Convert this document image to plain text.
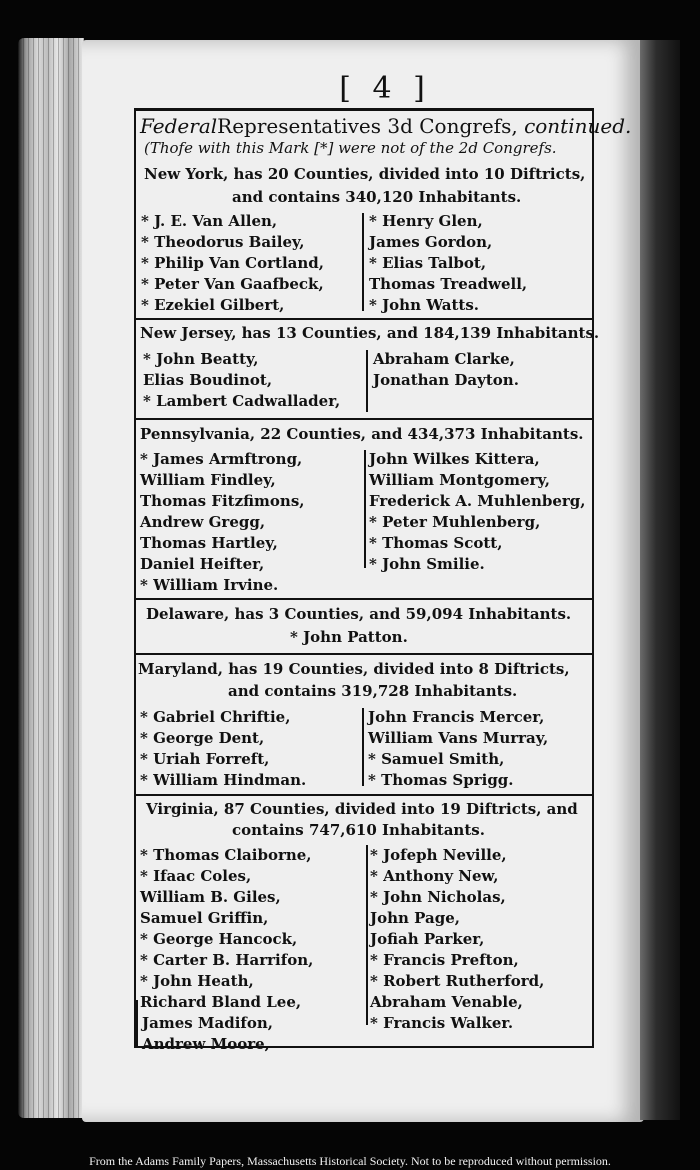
[ 4 ]
FederalRepresentatives 3d Congrefs, continued.
(Thofe with this Mark [*] were not of the 2d Congrefs.
New York, has 20 Counties, divided into 10 Diftricts,
and contains 340,120 Inhabitants.
* J. E. Van Allen,
* Theodorus Bailey,
* Philip Van Cortland,
* Peter Van Gaafbeck,
* Ezekiel Gilbert,
* Henry Glen,
James Gordon,
* Elias Talbot,
Thomas Treadwell,
* John Watts.
New Jersey, has 13 Counties, and 184,139 Inhabitants.
* John Beatty,
Elias Boudinot,
* Lambert Cadwallader,
Abraham Clarke,
Jonathan Dayton.
Pennsylvania, 22 Counties, and 434,373 Inhabitants.
* James Armftrong,
William Findley,
Thomas Fitzfimons,
Andrew Gregg,
Thomas Hartley,
Daniel Heifter,
* William Irvine.
John Wilkes Kittera,
William Montgomery,
Frederick A. Muhlenberg,
* Peter Muhlenberg,
* Thomas Scott,
* John Smilie.
Delaware, has 3 Counties, and 59,094 Inhabitants.
* John Patton.
Maryland, has 19 Counties, divided into 8 Diftricts,
and contains 319,728 Inhabitants.
* Gabriel Chriftie,
* George Dent,
* Uriah Forreft,
* William Hindman.
John Francis Mercer,
William Vans Murray,
* Samuel Smith,
* Thomas Sprigg.
Virginia, 87 Counties, divided into 19 Diftricts, and
contains 747,610 Inhabitants.
* Thomas Claiborne,
* Ifaac Coles,
William B. Giles,
Samuel Griffin,
* George Hancock,
* Carter B. Harrifon,
* John Heath,
Richard Bland Lee,
James Madifon,
Andrew Moore,
* Jofeph Neville,
* Anthony New,
* John Nicholas,
John Page,
Jofiah Parker,
* Francis Prefton,
* Robert Rutherford,
Abraham Venable,
* Francis Walker.
From the Adams Family Papers, Massachusetts Historical Society. Not to be reproduced without permission.
